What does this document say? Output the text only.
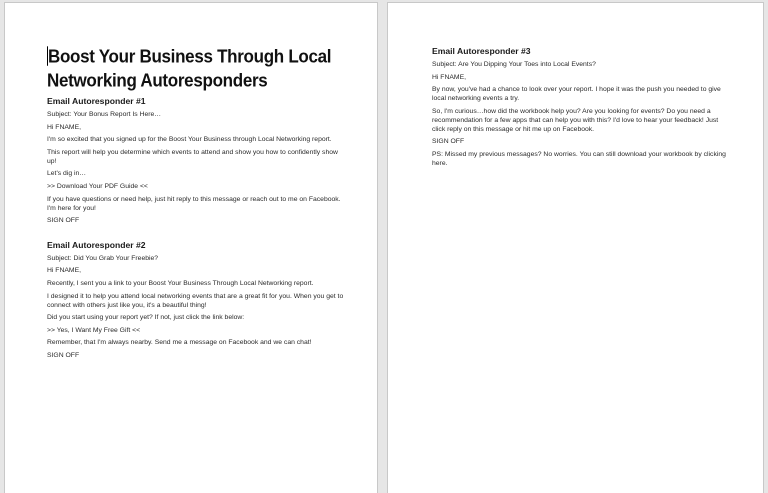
Boost Your Business Through Local
Networking Autoresponders
Email Autoresponder #1

Subject: Your Bonus Report Is Here…

Hi FNAME,

I'm so excited that you signed up for the Boost Your Business through Local Networking report.

This report will help you determine which events to attend and show you how to confidently show up!

Let's dig in…

>> Download Your PDF Guide <<

If you have questions or need help, just hit reply to this message or reach out to me on Facebook. I'm here for you!

SIGN OFF

Email Autoresponder #2

Subject: Did You Grab Your Freebie?

Hi FNAME,

Recently, I sent you a link to your Boost Your Business Through Local Networking report.

I designed it to help you attend local networking events that are a great fit for you. When you get to connect with others just like you, it's a beautiful thing!

Did you start using your report yet? If not, just click the link below:

>> Yes, I Want My Free Gift <<

Remember, that I'm always nearby. Send me a message on Facebook and we can chat!

SIGN OFF

Email Autoresponder #3

Subject: Are You Dipping Your Toes into Local Events?

Hi FNAME,

By now, you've had a chance to look over your report. I hope it was the push you needed to give local networking events a try.

So, I'm curious…how did the workbook help you? Are you looking for events? Do you need a recommendation for a few apps that can help you with this? I'd love to hear your feedback! Just click reply on this message or hit me up on Facebook.

SIGN OFF

PS: Missed my previous messages? No worries. You can still download your workbook by clicking here.
